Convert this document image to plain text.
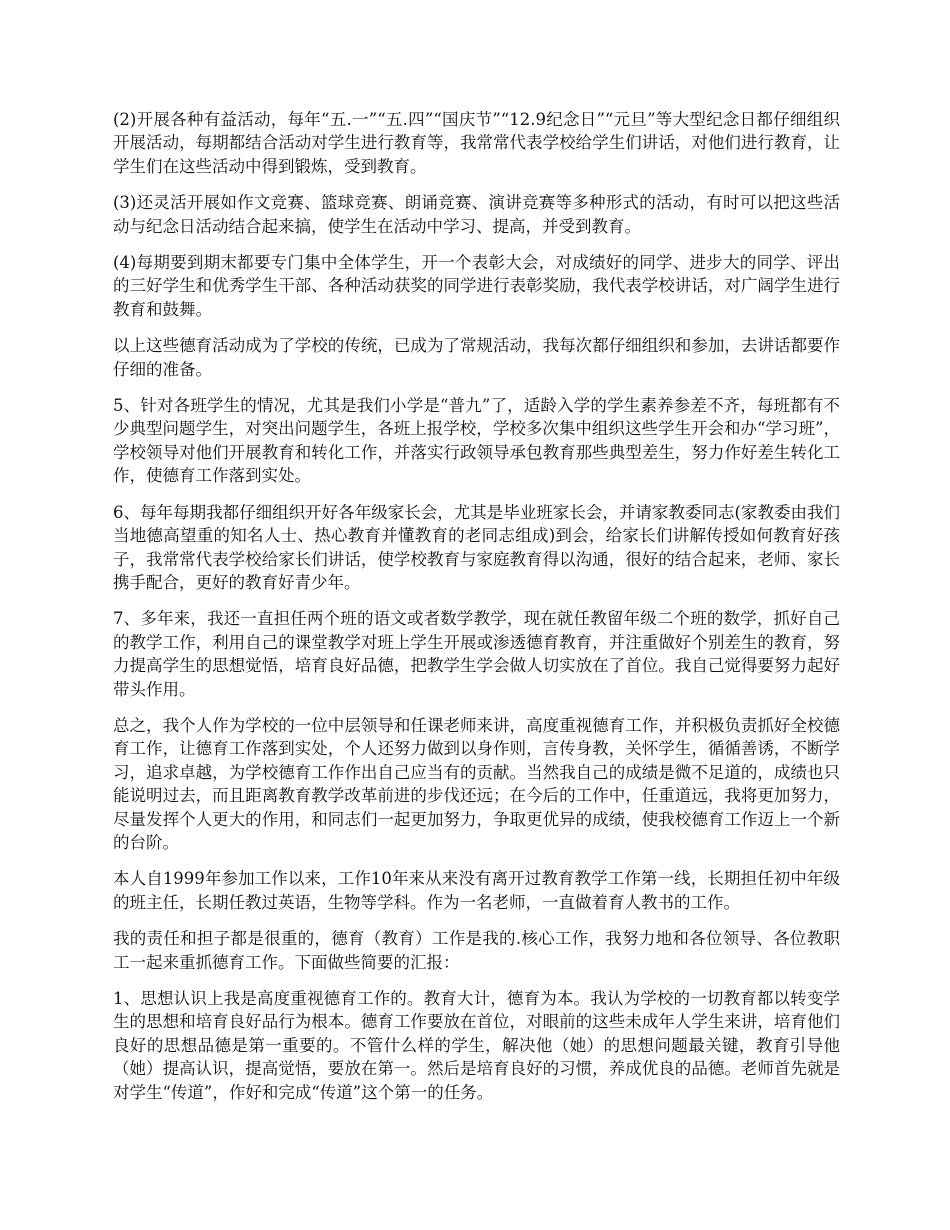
(2)开展各种有益活动，每年“五.一”“五.四”“国庆节”“12.9纪念日”“元旦”等大型纪念日都仔细组织开展活动，每期都结合活动对学生进行教育等，我常常代表学校给学生们讲话，对他们进行教育，让学生们在这些活动中得到锻炼，受到教育。

(3)还灵活开展如作文竞赛、篮球竞赛、朗诵竞赛、演讲竞赛等多种形式的活动，有时可以把这些活动与纪念日活动结合起来搞，使学生在活动中学习、提高，并受到教育。

(4)每期要到期末都要专门集中全体学生，开一个表彰大会，对成绩好的同学、进步大的同学、评出的三好学生和优秀学生干部、各种活动获奖的同学进行表彰奖励，我代表学校讲话，对广阔学生进行教育和鼓舞。

以上这些德育活动成为了学校的传统，已成为了常规活动，我每次都仔细组织和参加，去讲话都要作仔细的准备。

5、针对各班学生的情况，尤其是我们小学是“普九”了，适龄入学的学生素养参差不齐，每班都有不少典型问题学生，对突出问题学生，各班上报学校，学校多次集中组织这些学生开会和办“学习班”，学校领导对他们开展教育和转化工作，并落实行政领导承包教育那些典型差生，努力作好差生转化工作，使德育工作落到实处。

6、每年每期我都仔细组织开好各年级家长会，尤其是毕业班家长会，并请家教委同志(家教委由我们当地德高望重的知名人士、热心教育并懂教育的老同志组成)到会，给家长们讲解传授如何教育好孩子，我常常代表学校给家长们讲话，使学校教育与家庭教育得以沟通，很好的结合起来，老师、家长携手配合，更好的教育好青少年。

7、多年来，我还一直担任两个班的语文或者数学教学，现在就任教留年级二个班的数学，抓好自己的教学工作，利用自己的课堂教学对班上学生开展或渗透德育教育，并注重做好个别差生的教育，努力提高学生的思想觉悟，培育良好品德，把教学生学会做人切实放在了首位。我自己觉得要努力起好带头作用。

总之，我个人作为学校的一位中层领导和任课老师来讲，高度重视德育工作，并积极负责抓好全校德育工作，让德育工作落到实处，个人还努力做到以身作则，言传身教，关怀学生，循循善诱，不断学习，追求卓越，为学校德育工作作出自己应当有的贡献。当然我自己的成绩是微不足道的，成绩也只能说明过去，而且距离教育教学改革前进的步伐还远；在今后的工作中，任重道远，我将更加努力，尽量发挥个人更大的作用，和同志们一起更加努力，争取更优异的成绩，使我校德育工作迈上一个新的台阶。

本人自1999年参加工作以来，工作10年来从来没有离开过教育教学工作第一线，长期担任初中年级的班主任，长期任教过英语，生物等学科。作为一名老师，一直做着育人教书的工作。

我的责任和担子都是很重的，德育（教育）工作是我的.核心工作，我努力地和各位领导、各位教职工一起来重抓德育工作。下面做些简要的汇报：

1、思想认识上我是高度重视德育工作的。教育大计，德育为本。我认为学校的一切教育都以转变学生的思想和培育良好品行为根本。德育工作要放在首位，对眼前的这些未成年人学生来讲，培育他们良好的思想品德是第一重要的。不管什么样的学生，解决他（她）的思想问题最关键，教育引导他（她）提高认识，提高觉悟，要放在第一。然后是培育良好的习惯，养成优良的品德。老师首先就是对学生“传道”，作好和完成“传道”这个第一的任务。
